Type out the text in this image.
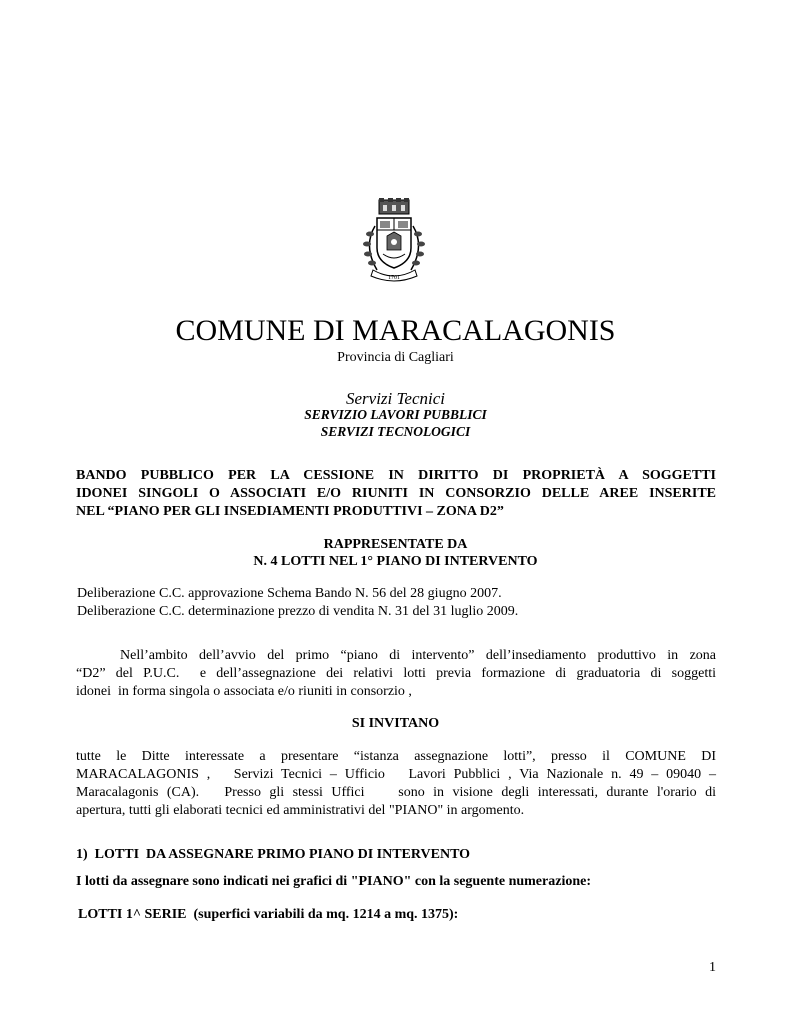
1701
COMUNE DI MARACALAGONIS
Provincia di Cagliari
Servizi Tecnici
SERVIZIO LAVORI PUBBLICI
SERVIZI TECNOLOGICI
BANDO PUBBLICO PER LA CESSIONE IN DIRITTO DI PROPRIETÀ A SOGGETTI
IDONEI SINGOLI O ASSOCIATI E/O RIUNITI IN CONSORZIO DELLE AREE INSERITE
NEL “PIANO PER GLI INSEDIAMENTI PRODUTTIVI – ZONA D2”
RAPPRESENTATE DA
N. 4 LOTTI NEL 1° PIANO DI INTERVENTO
Deliberazione C.C. approvazione Schema Bando N. 56 del 28 giugno 2007.
Deliberazione C.C. determinazione prezzo di vendita N. 31 del 31 luglio 2009.
Nell’ambito dell’avvio del primo “piano di intervento” dell’insediamento produttivo in zona
“D2” del P.U.C.  e dell’assegnazione dei relativi lotti previa formazione di graduatoria di soggetti
idonei  in forma singola o associata e/o riuniti in consorzio ,
SI INVITANO
tutte le Ditte interessate a presentare “istanza assegnazione lotti”, presso il COMUNE DI
MARACALAGONIS ,   Servizi Tecnici – Ufficio   Lavori Pubblici , Via Nazionale n. 49 – 09040 –
Maracalagonis (CA).   Presso gli stessi Uffici    sono in visione degli interessati, durante l'orario di
apertura, tutti gli elaborati tecnici ed amministrativi del "PIANO" in argomento.
1)  LOTTI  DA ASSEGNARE PRIMO PIANO DI INTERVENTO
I lotti da assegnare sono indicati nei grafici di "PIANO" con la seguente numerazione:
LOTTI 1^ SERIE  (superfici variabili da mq. 1214 a mq. 1375):
1
